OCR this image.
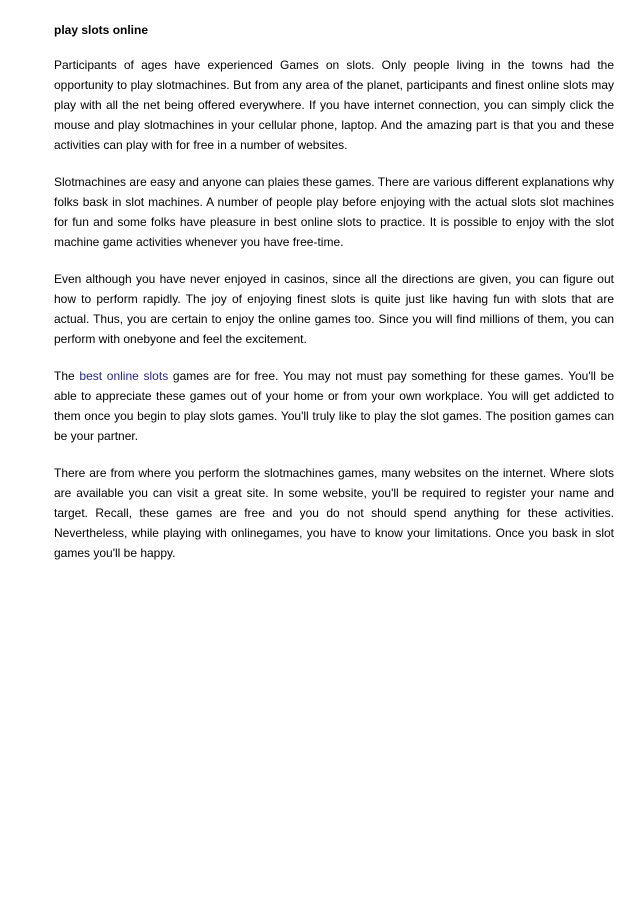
play slots online

Participants of ages have experienced Games on slots. Only people living in the towns had the opportunity to play slotmachines. But from any area of the planet, participants and finest online slots may play with all the net being offered everywhere. If you have internet connection, you can simply click the mouse and play slotmachines in your cellular phone, laptop. And the amazing part is that you and these activities can play with for free in a number of websites.

Slotmachines are easy and anyone can plaies these games. There are various different explanations why folks bask in slot machines. A number of people play before enjoying with the actual slots slot machines for fun and some folks have pleasure in best online slots to practice. It is possible to enjoy with the slot machine game activities whenever you have free-time.

Even although you have never enjoyed in casinos, since all the directions are given, you can figure out how to perform rapidly. The joy of enjoying finest slots is quite just like having fun with slots that are actual. Thus, you are certain to enjoy the online games too. Since you will find millions of them, you can perform with onebyone and feel the excitement.

The best online slots games are for free. You may not must pay something for these games. You'll be able to appreciate these games out of your home or from your own workplace. You will get addicted to them once you begin to play slots games. You'll truly like to play the slot games. The position games can be your partner.

There are from where you perform the slotmachines games, many websites on the internet. Where slots are available you can visit a great site. In some website, you'll be required to register your name and target. Recall, these games are free and you do not should spend anything for these activities. Nevertheless, while playing with onlinegames, you have to know your limitations. Once you bask in slot games you'll be happy.
